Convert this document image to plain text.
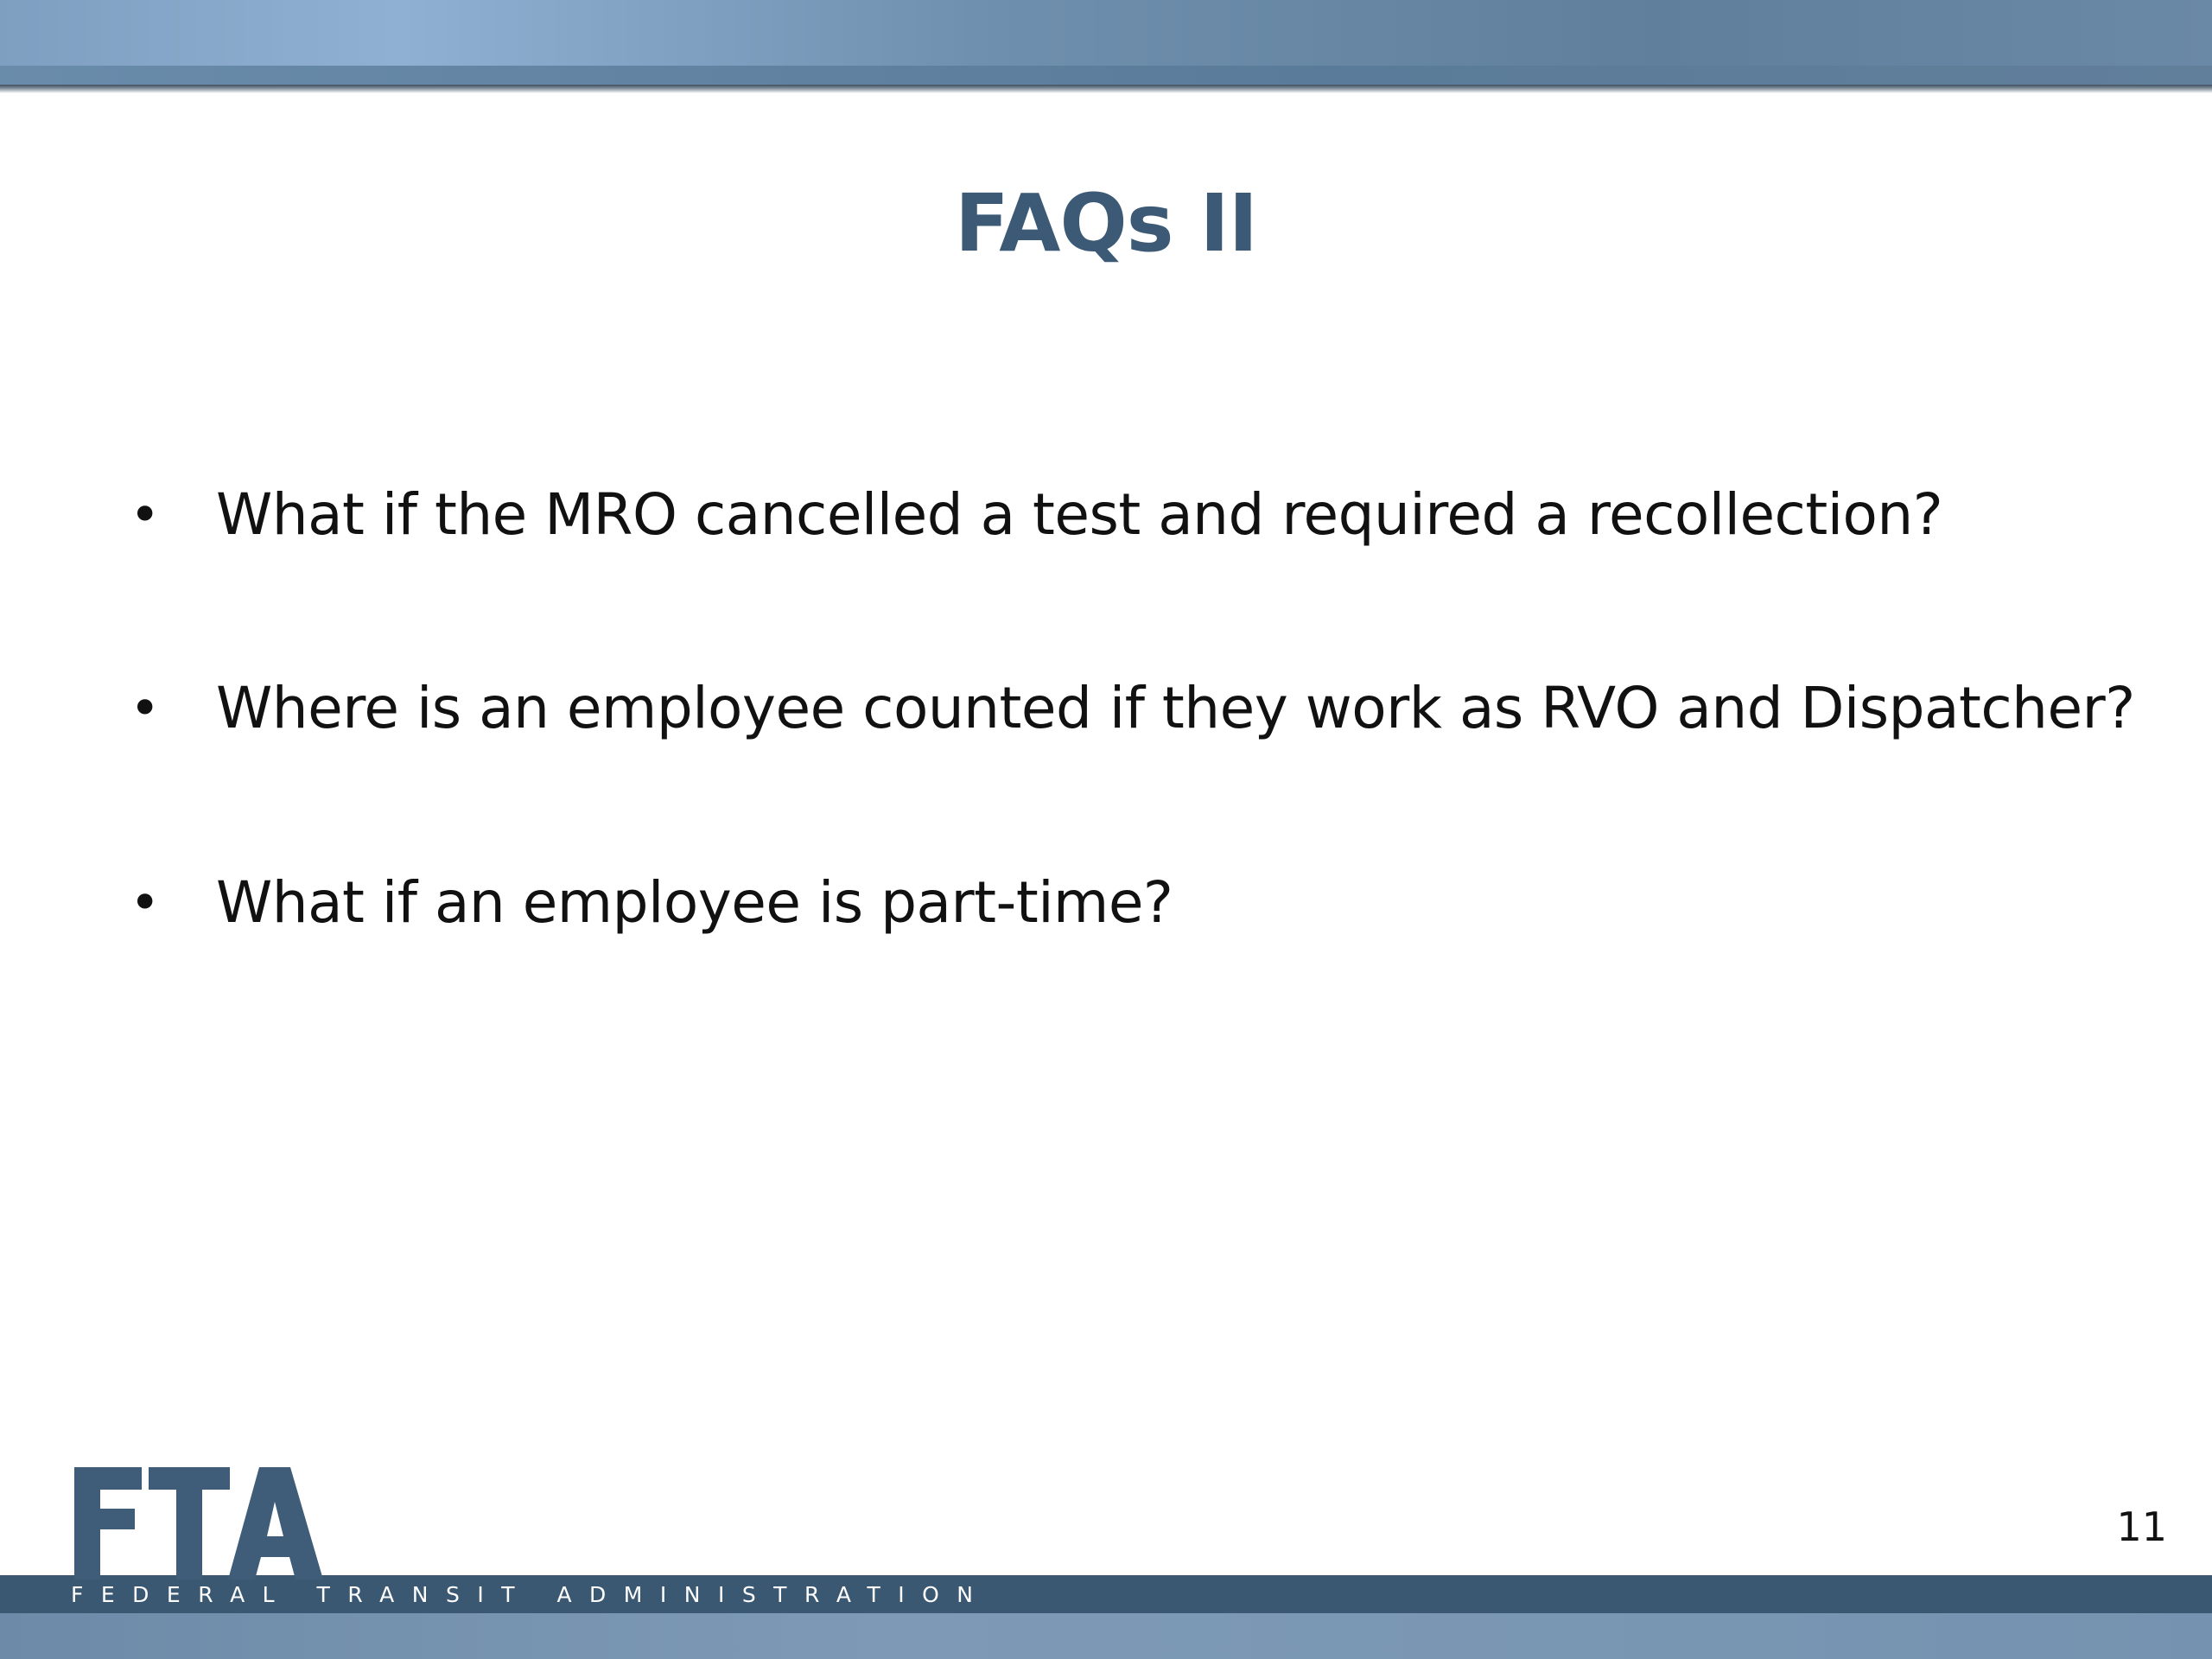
FAQs II
• What if the MRO cancelled a test and required a recollection?
• Where is an employee counted if they work as RVO and Dispatcher?
• What if an employee is part-time?
FTA
FEDERAL TRANSIT ADMINISTRATION
11
